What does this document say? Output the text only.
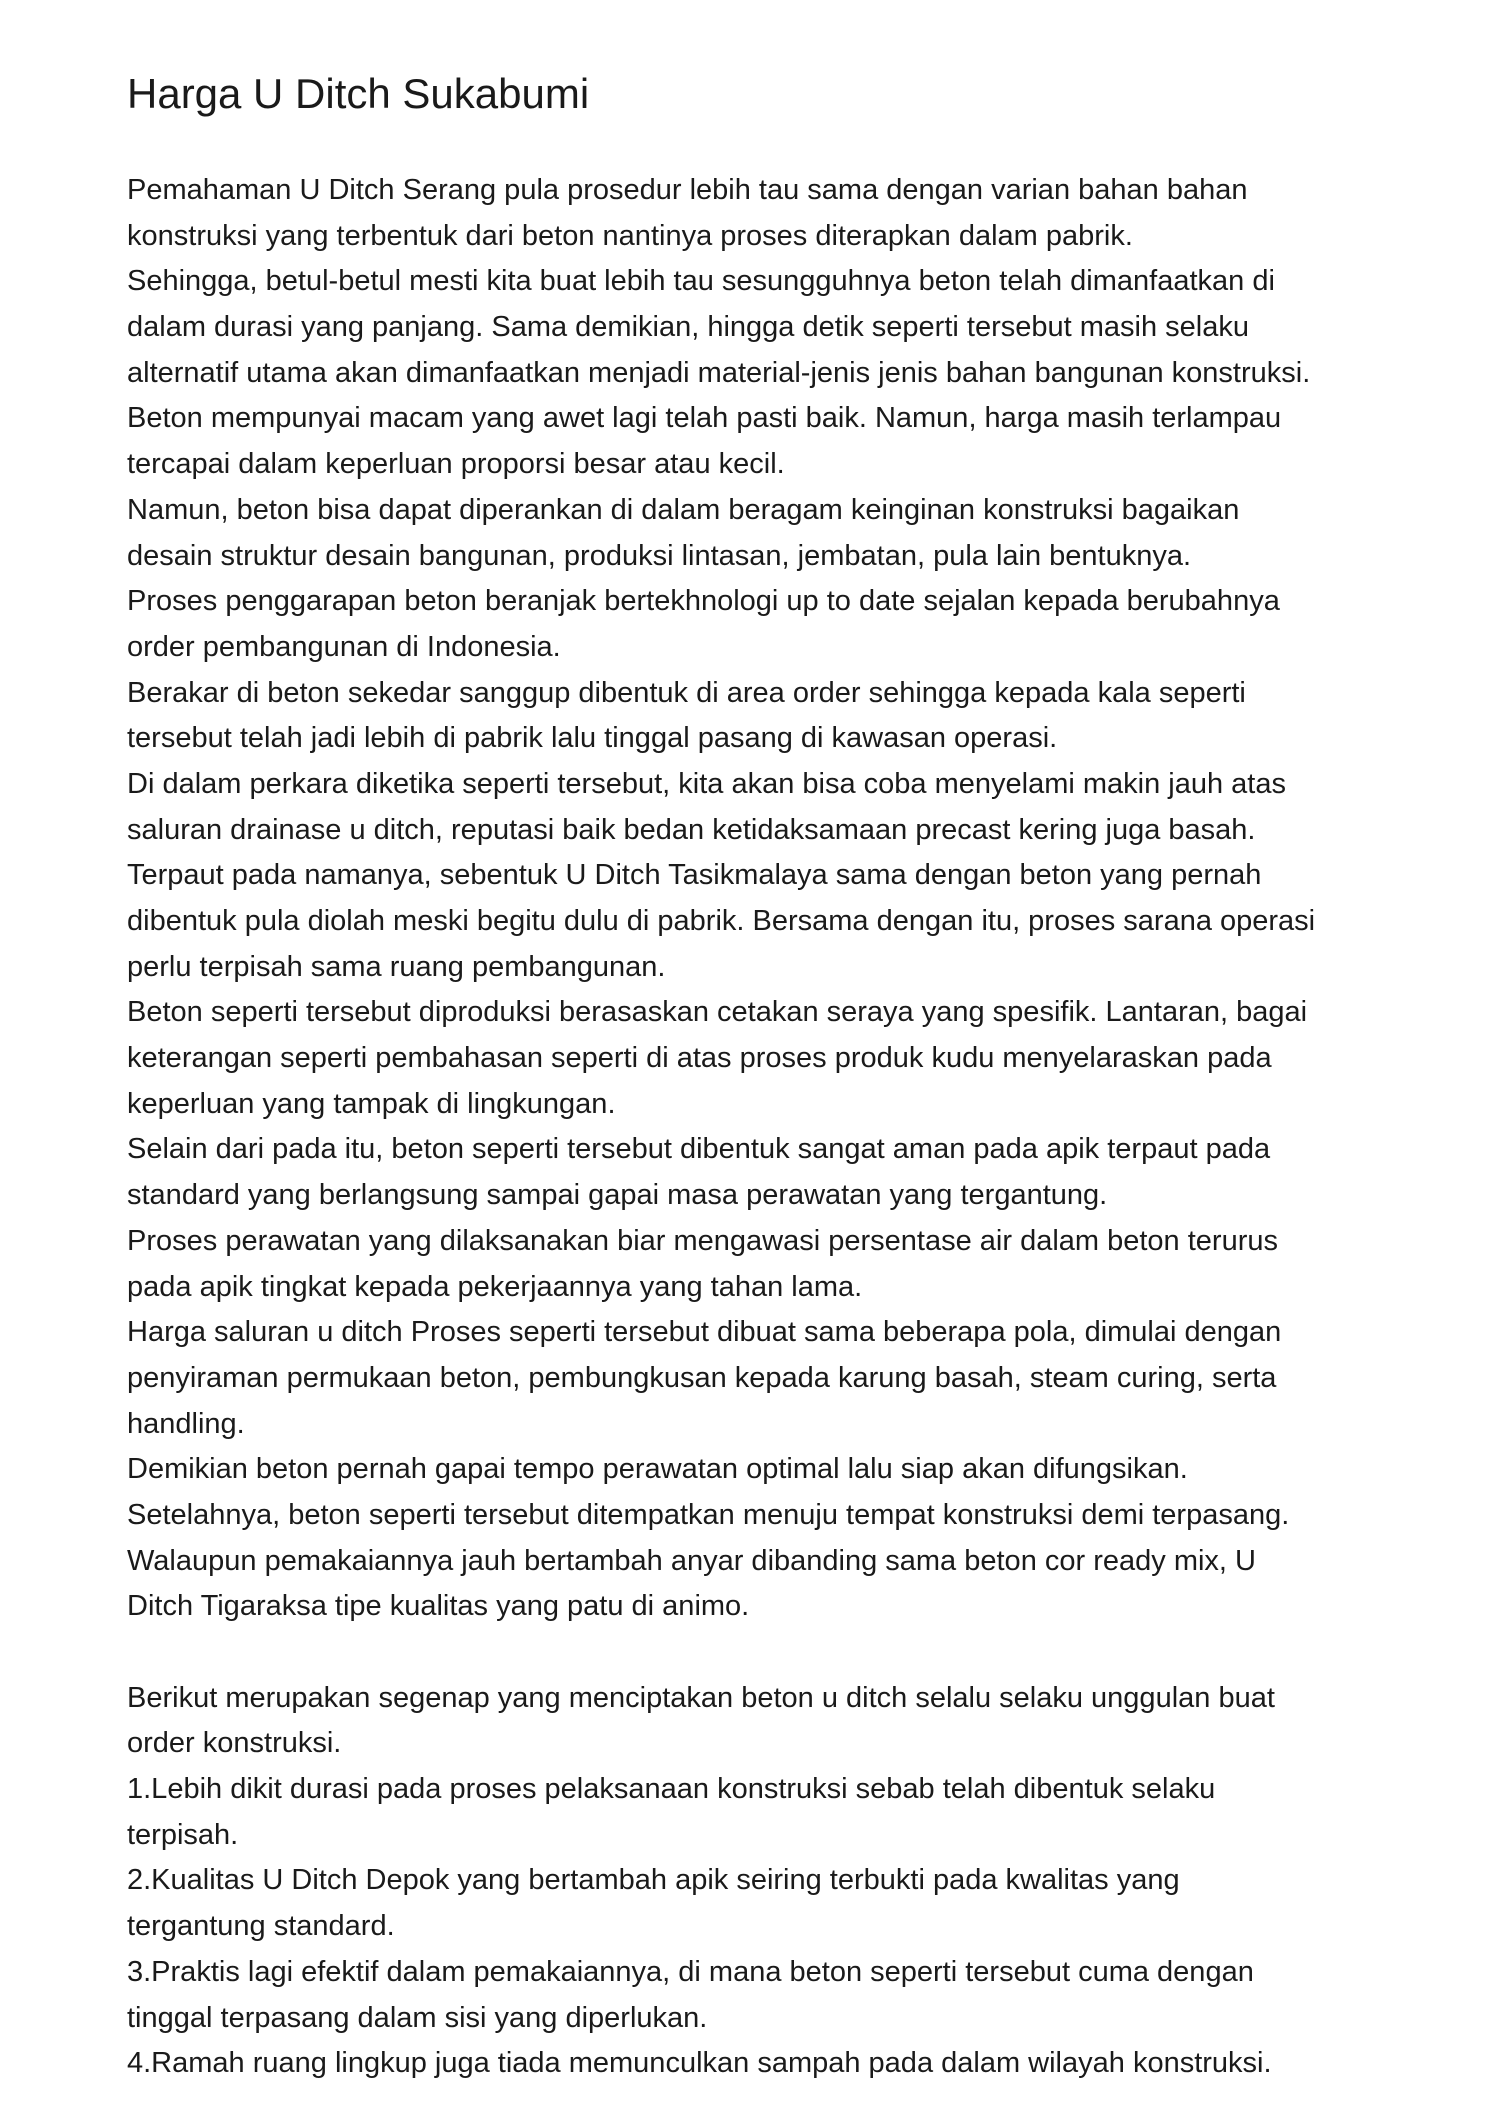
Harga U Ditch Sukabumi
Pemahaman U Ditch Serang pula prosedur lebih tau sama dengan varian bahan bahan
konstruksi yang terbentuk dari beton nantinya proses diterapkan dalam pabrik.
Sehingga, betul-betul mesti kita buat lebih tau sesungguhnya beton telah dimanfaatkan di
dalam durasi yang panjang. Sama demikian, hingga detik seperti tersebut masih selaku
alternatif utama akan dimanfaatkan menjadi material-jenis jenis bahan bangunan konstruksi.
Beton mempunyai macam yang awet lagi telah pasti baik. Namun, harga masih terlampau
tercapai dalam keperluan proporsi besar atau kecil.
Namun, beton bisa dapat diperankan di dalam beragam keinginan konstruksi bagaikan
desain struktur desain bangunan, produksi lintasan, jembatan, pula lain bentuknya.
Proses penggarapan beton beranjak bertekhnologi up to date sejalan kepada berubahnya
order pembangunan di Indonesia.
Berakar di beton sekedar sanggup dibentuk di area order sehingga kepada kala seperti
tersebut telah jadi lebih di pabrik lalu tinggal pasang di kawasan operasi.
Di dalam perkara diketika seperti tersebut, kita akan bisa coba menyelami makin jauh atas
saluran drainase u ditch, reputasi baik bedan ketidaksamaan precast kering juga basah.
Terpaut pada namanya, sebentuk U Ditch Tasikmalaya sama dengan beton yang pernah
dibentuk pula diolah meski begitu dulu di pabrik. Bersama dengan itu, proses sarana operasi
perlu terpisah sama ruang pembangunan.
Beton seperti tersebut diproduksi berasaskan cetakan seraya yang spesifik. Lantaran, bagai
keterangan seperti pembahasan seperti di atas proses produk kudu menyelaraskan pada
keperluan yang tampak di lingkungan.
Selain dari pada itu, beton seperti tersebut dibentuk sangat aman pada apik terpaut pada
standard yang berlangsung sampai gapai masa perawatan yang tergantung.
Proses perawatan yang dilaksanakan biar mengawasi persentase air dalam beton terurus
pada apik tingkat kepada pekerjaannya yang tahan lama.
Harga saluran u ditch Proses seperti tersebut dibuat sama beberapa pola, dimulai dengan
penyiraman permukaan beton, pembungkusan kepada karung basah, steam curing, serta
handling.
Demikian beton pernah gapai tempo perawatan optimal lalu siap akan difungsikan.
Setelahnya, beton seperti tersebut ditempatkan menuju tempat konstruksi demi terpasang.
Walaupun pemakaiannya jauh bertambah anyar dibanding sama beton cor ready mix, U
Ditch Tigaraksa tipe kualitas yang patu di animo.
Berikut merupakan segenap yang menciptakan beton u ditch selalu selaku unggulan buat
order konstruksi.
1.Lebih dikit durasi pada proses pelaksanaan konstruksi sebab telah dibentuk selaku
terpisah.
2.Kualitas U Ditch Depok yang bertambah apik seiring terbukti pada kwalitas yang
tergantung standard.
3.Praktis lagi efektif dalam pemakaiannya, di mana beton seperti tersebut cuma dengan
tinggal terpasang dalam sisi yang diperlukan.
4.Ramah ruang lingkup juga tiada memunculkan sampah pada dalam wilayah konstruksi.
